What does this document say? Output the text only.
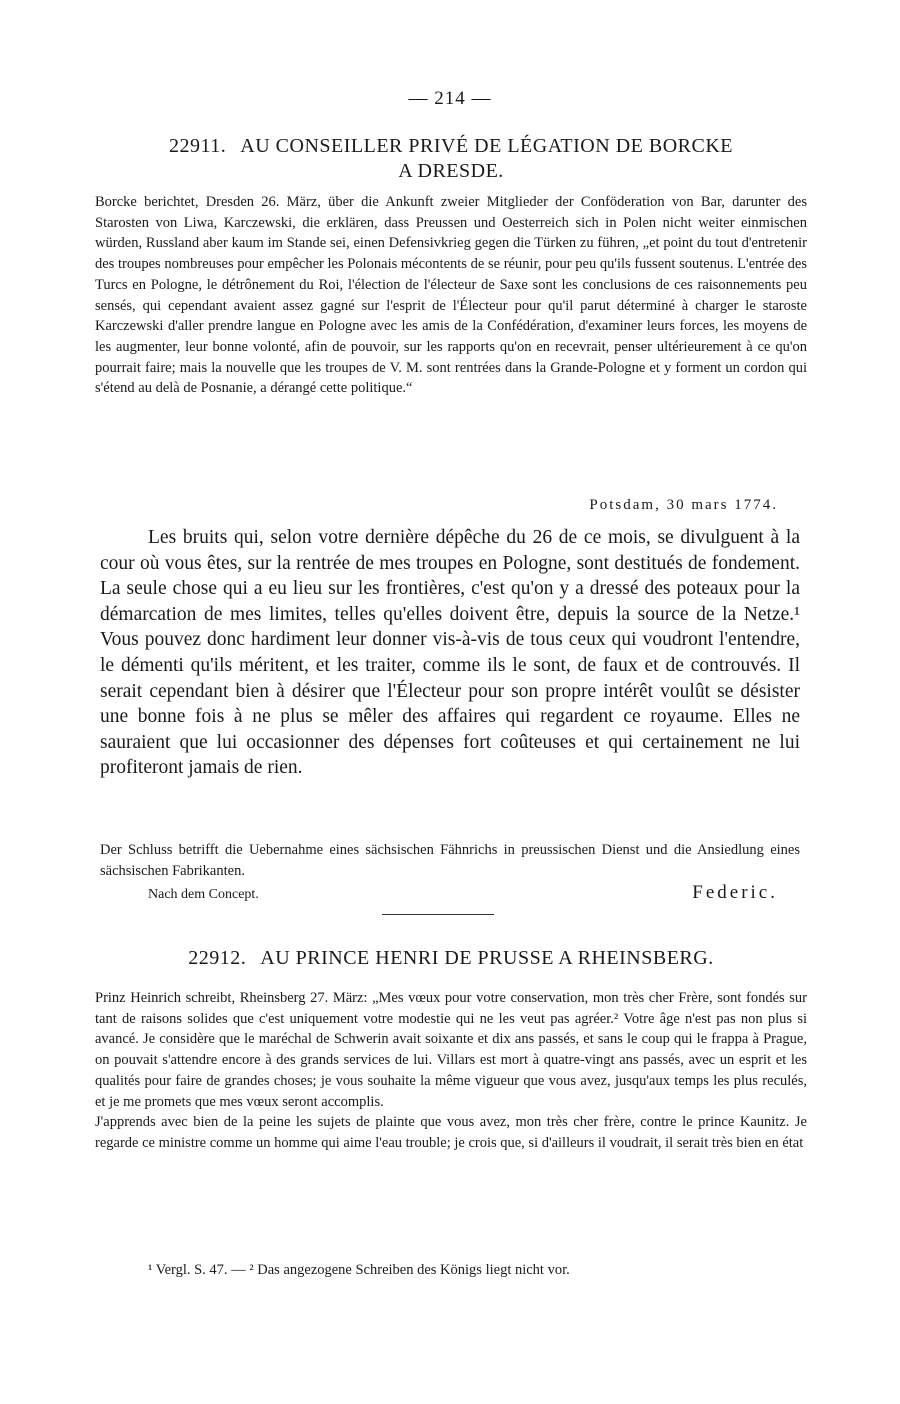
— 214 —
22911. AU CONSEILLER PRIVÉ DE LÉGATION DE BORCKE
A DRESDE.

Borcke berichtet, Dresden 26. März, über die Ankunft zweier Mitglieder der Conföderation von Bar, darunter des Starosten von Liwa, Karczewski, die erklären, dass Preussen und Oesterreich sich in Polen nicht weiter einmischen würden, Russland aber kaum im Stande sei, einen Defensivkrieg gegen die Türken zu führen, „et point du tout d'entretenir des troupes nombreuses pour empêcher les Polonais mécontents de se réunir, pour peu qu'ils fussent soutenus. L'entrée des Turcs en Pologne, le détrônement du Roi, l'élection de l'électeur de Saxe sont les conclusions de ces raisonnements peu sensés, qui cependant avaient assez gagné sur l'esprit de l'Électeur pour qu'il parut déterminé à charger le staroste Karczewski d'aller prendre langue en Pologne avec les amis de la Confédération, d'examiner leurs forces, les moyens de les augmenter, leur bonne volonté, afin de pouvoir, sur les rapports qu'on en recevrait, penser ultérieurement à ce qu'on pourrait faire; mais la nouvelle que les troupes de V. M. sont rentrées dans la Grande-Pologne et y forment un cordon qui s'étend au delà de Posnanie, a dérangé cette politique.“

Potsdam, 30 mars 1774.

Les bruits qui, selon votre dernière dépêche du 26 de ce mois, se divulguent à la cour où vous êtes, sur la rentrée de mes troupes en Pologne, sont destitués de fondement. La seule chose qui a eu lieu sur les frontières, c'est qu'on y a dressé des poteaux pour la démarcation de mes limites, telles qu'elles doivent être, depuis la source de la Netze.¹ Vous pouvez donc hardiment leur donner vis-à-vis de tous ceux qui voudront l'entendre, le démenti qu'ils méritent, et les traiter, comme ils le sont, de faux et de controuvés. Il serait cependant bien à désirer que l'Électeur pour son propre intérêt voulût se désister une bonne fois à ne plus se mêler des affaires qui regardent ce royaume. Elles ne sauraient que lui occasionner des dépenses fort coûteuses et qui certainement ne lui profiteront jamais de rien.

Der Schluss betrifft die Uebernahme eines sächsischen Fähnrichs in preussischen Dienst und die Ansiedlung eines sächsischen Fabrikanten.

Nach dem Concept.	Federic.
22912. AU PRINCE HENRI DE PRUSSE A RHEINSBERG.

Prinz Heinrich schreibt, Rheinsberg 27. März: „Mes vœux pour votre conservation, mon très cher Frère, sont fondés sur tant de raisons solides que c'est uniquement votre modestie qui ne les veut pas agréer.² Votre âge n'est pas non plus si avancé. Je considère que le maréchal de Schwerin avait soixante et dix ans passés, et sans le coup qui le frappa à Prague, on pouvait s'attendre encore à des grands services de lui. Villars est mort à quatre-vingt ans passés, avec un esprit et les qualités pour faire de grandes choses; je vous souhaite la même vigueur que vous avez, jusqu'aux temps les plus reculés, et je me promets que mes vœux seront accomplis.

J'apprends avec bien de la peine les sujets de plainte que vous avez, mon très cher frère, contre le prince Kaunitz. Je regarde ce ministre comme un homme qui aime l'eau trouble; je crois que, si d'ailleurs il voudrait, il serait très bien en état

¹ Vergl. S. 47. — ² Das angezogene Schreiben des Königs liegt nicht vor.
